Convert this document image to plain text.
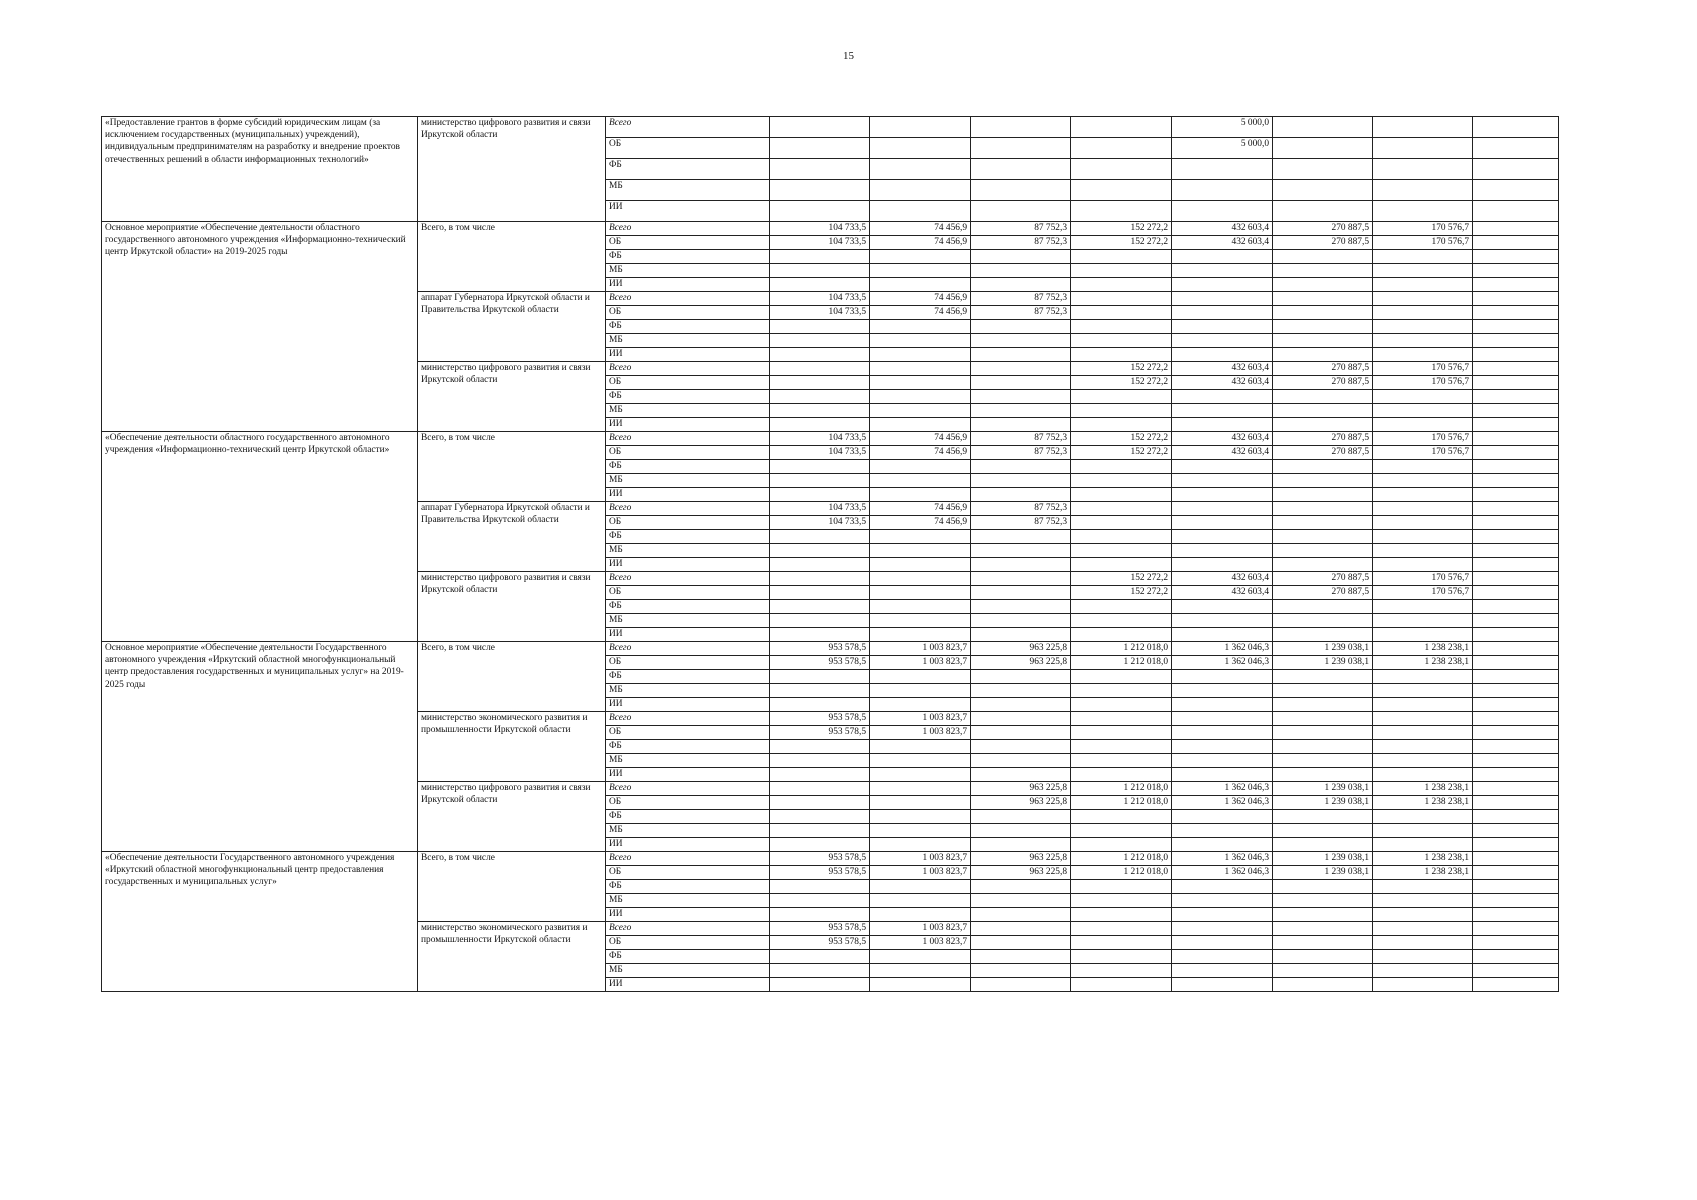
15
«Предоставление грантов в форме субсидий юридическим лицам (за исключением государственных (муниципальных) учреждений), индивидуальным предпринимателям на разработку и внедрение проектов отечественных решений в области информационных технологий»	министерство цифрового развития и связи Иркутской области	Всего					5 000,0			
		ОБ					5 000,0			
		ФБ								
		МБ								
		ИИ								
Основное мероприятие «Обеспечение деятельности областного государственного автономного учреждения «Информационно-технический центр Иркутской области» на 2019-2025 годы	Всего, в том числе	Всего	104 733,5	74 456,9	87 752,3	152 272,2	432 603,4	270 887,5	170 576,7	
		ОБ	104 733,5	74 456,9	87 752,3	152 272,2	432 603,4	270 887,5	170 576,7	
		ФБ								
		МБ								
		ИИ								
	аппарат Губернатора Иркутской области и Правительства Иркутской области	Всего	104 733,5	74 456,9	87 752,3					
		ОБ	104 733,5	74 456,9	87 752,3					
		ФБ								
		МБ								
		ИИ								
	министерство цифрового развития и связи Иркутской области	Всего				152 272,2	432 603,4	270 887,5	170 576,7	
		ОБ				152 272,2	432 603,4	270 887,5	170 576,7	
		ФБ								
		МБ								
		ИИ								
«Обеспечение деятельности областного государственного автономного учреждения «Информационно-технический центр Иркутской области»	Всего, в том числе	Всего	104 733,5	74 456,9	87 752,3	152 272,2	432 603,4	270 887,5	170 576,7	
		ОБ	104 733,5	74 456,9	87 752,3	152 272,2	432 603,4	270 887,5	170 576,7	
		ФБ								
		МБ								
		ИИ								
	аппарат Губернатора Иркутской области и Правительства Иркутской области	Всего	104 733,5	74 456,9	87 752,3					
		ОБ	104 733,5	74 456,9	87 752,3					
		ФБ								
		МБ								
		ИИ								
	министерство цифрового развития и связи Иркутской области	Всего				152 272,2	432 603,4	270 887,5	170 576,7	
		ОБ				152 272,2	432 603,4	270 887,5	170 576,7	
		ФБ								
		МБ								
		ИИ								
Основное мероприятие «Обеспечение деятельности Государственного автономного учреждения «Иркутский областной многофункциональный центр предоставления государственных и муниципальных услуг» на 2019-2025 годы	Всего, в том числе	Всего	953 578,5	1 003 823,7	963 225,8	1 212 018,0	1 362 046,3	1 239 038,1	1 238 238,1	
		ОБ	953 578,5	1 003 823,7	963 225,8	1 212 018,0	1 362 046,3	1 239 038,1	1 238 238,1	
		ФБ								
		МБ								
		ИИ								
	министерство экономического развития и промышленности Иркутской области	Всего	953 578,5	1 003 823,7						
		ОБ	953 578,5	1 003 823,7						
		ФБ								
		МБ								
		ИИ								
	министерство цифрового развития и связи Иркутской области	Всего			963 225,8	1 212 018,0	1 362 046,3	1 239 038,1	1 238 238,1	
		ОБ			963 225,8	1 212 018,0	1 362 046,3	1 239 038,1	1 238 238,1	
		ФБ								
		МБ								
		ИИ								
«Обеспечение деятельности Государственного автономного учреждения «Иркутский областной многофункциональный центр предоставления государственных и муниципальных услуг»	Всего, в том числе	Всего	953 578,5	1 003 823,7	963 225,8	1 212 018,0	1 362 046,3	1 239 038,1	1 238 238,1	
		ОБ	953 578,5	1 003 823,7	963 225,8	1 212 018,0	1 362 046,3	1 239 038,1	1 238 238,1	
		ФБ								
		МБ								
		ИИ								
	министерство экономического развития и промышленности Иркутской области	Всего	953 578,5	1 003 823,7						
		ОБ	953 578,5	1 003 823,7						
		ФБ								
		МБ								
		ИИ								
